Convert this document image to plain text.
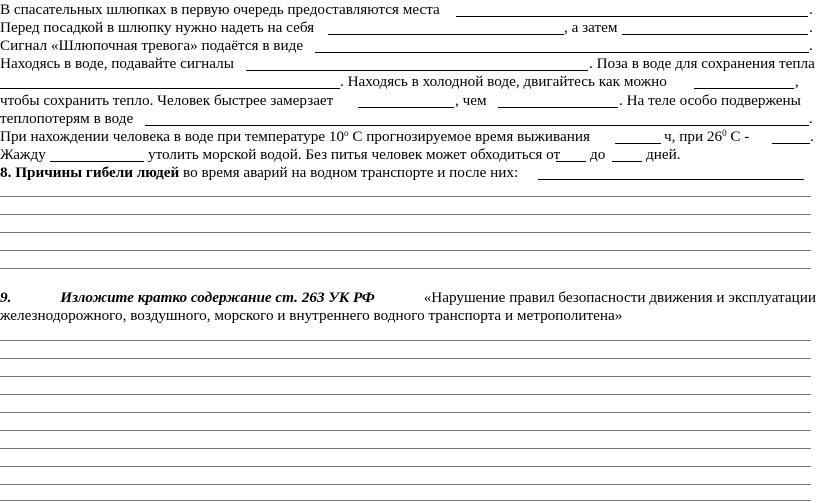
В спасательных шлюпках в первую очередь предоставляются места	.
Перед посадкой в шлюпку нужно надеть на себя	, а затем	.
Сигнал «Шлюпочная тревога» подаётся в виде	.
Находясь в воде, подавайте сигналы	. Поза в воде для сохранения тепла
. Находясь в холодной воде, двигайтесь как можно	,
чтобы сохранить тепло. Человек быстрее замерзает	, чем	. На теле особо подвержены
теплопотерям в воде	.
При нахождении человека в воде при температуре $10^о$ С прогнозируемое время выживания	ч, при $26^0$ С -	.
Жажду	утолить морской водой. Без питья человек может обходиться от до	дней.
8. Причины гибели людей во время аварий на водном транспорте и после них:
9.	Изложите кратко содержание ст. 263 УК РФ	«Нарушение правил безопасности движения и эксплуатации
железнодорожного, воздушного, морского и внутреннего водного транспорта и метрополитена»
